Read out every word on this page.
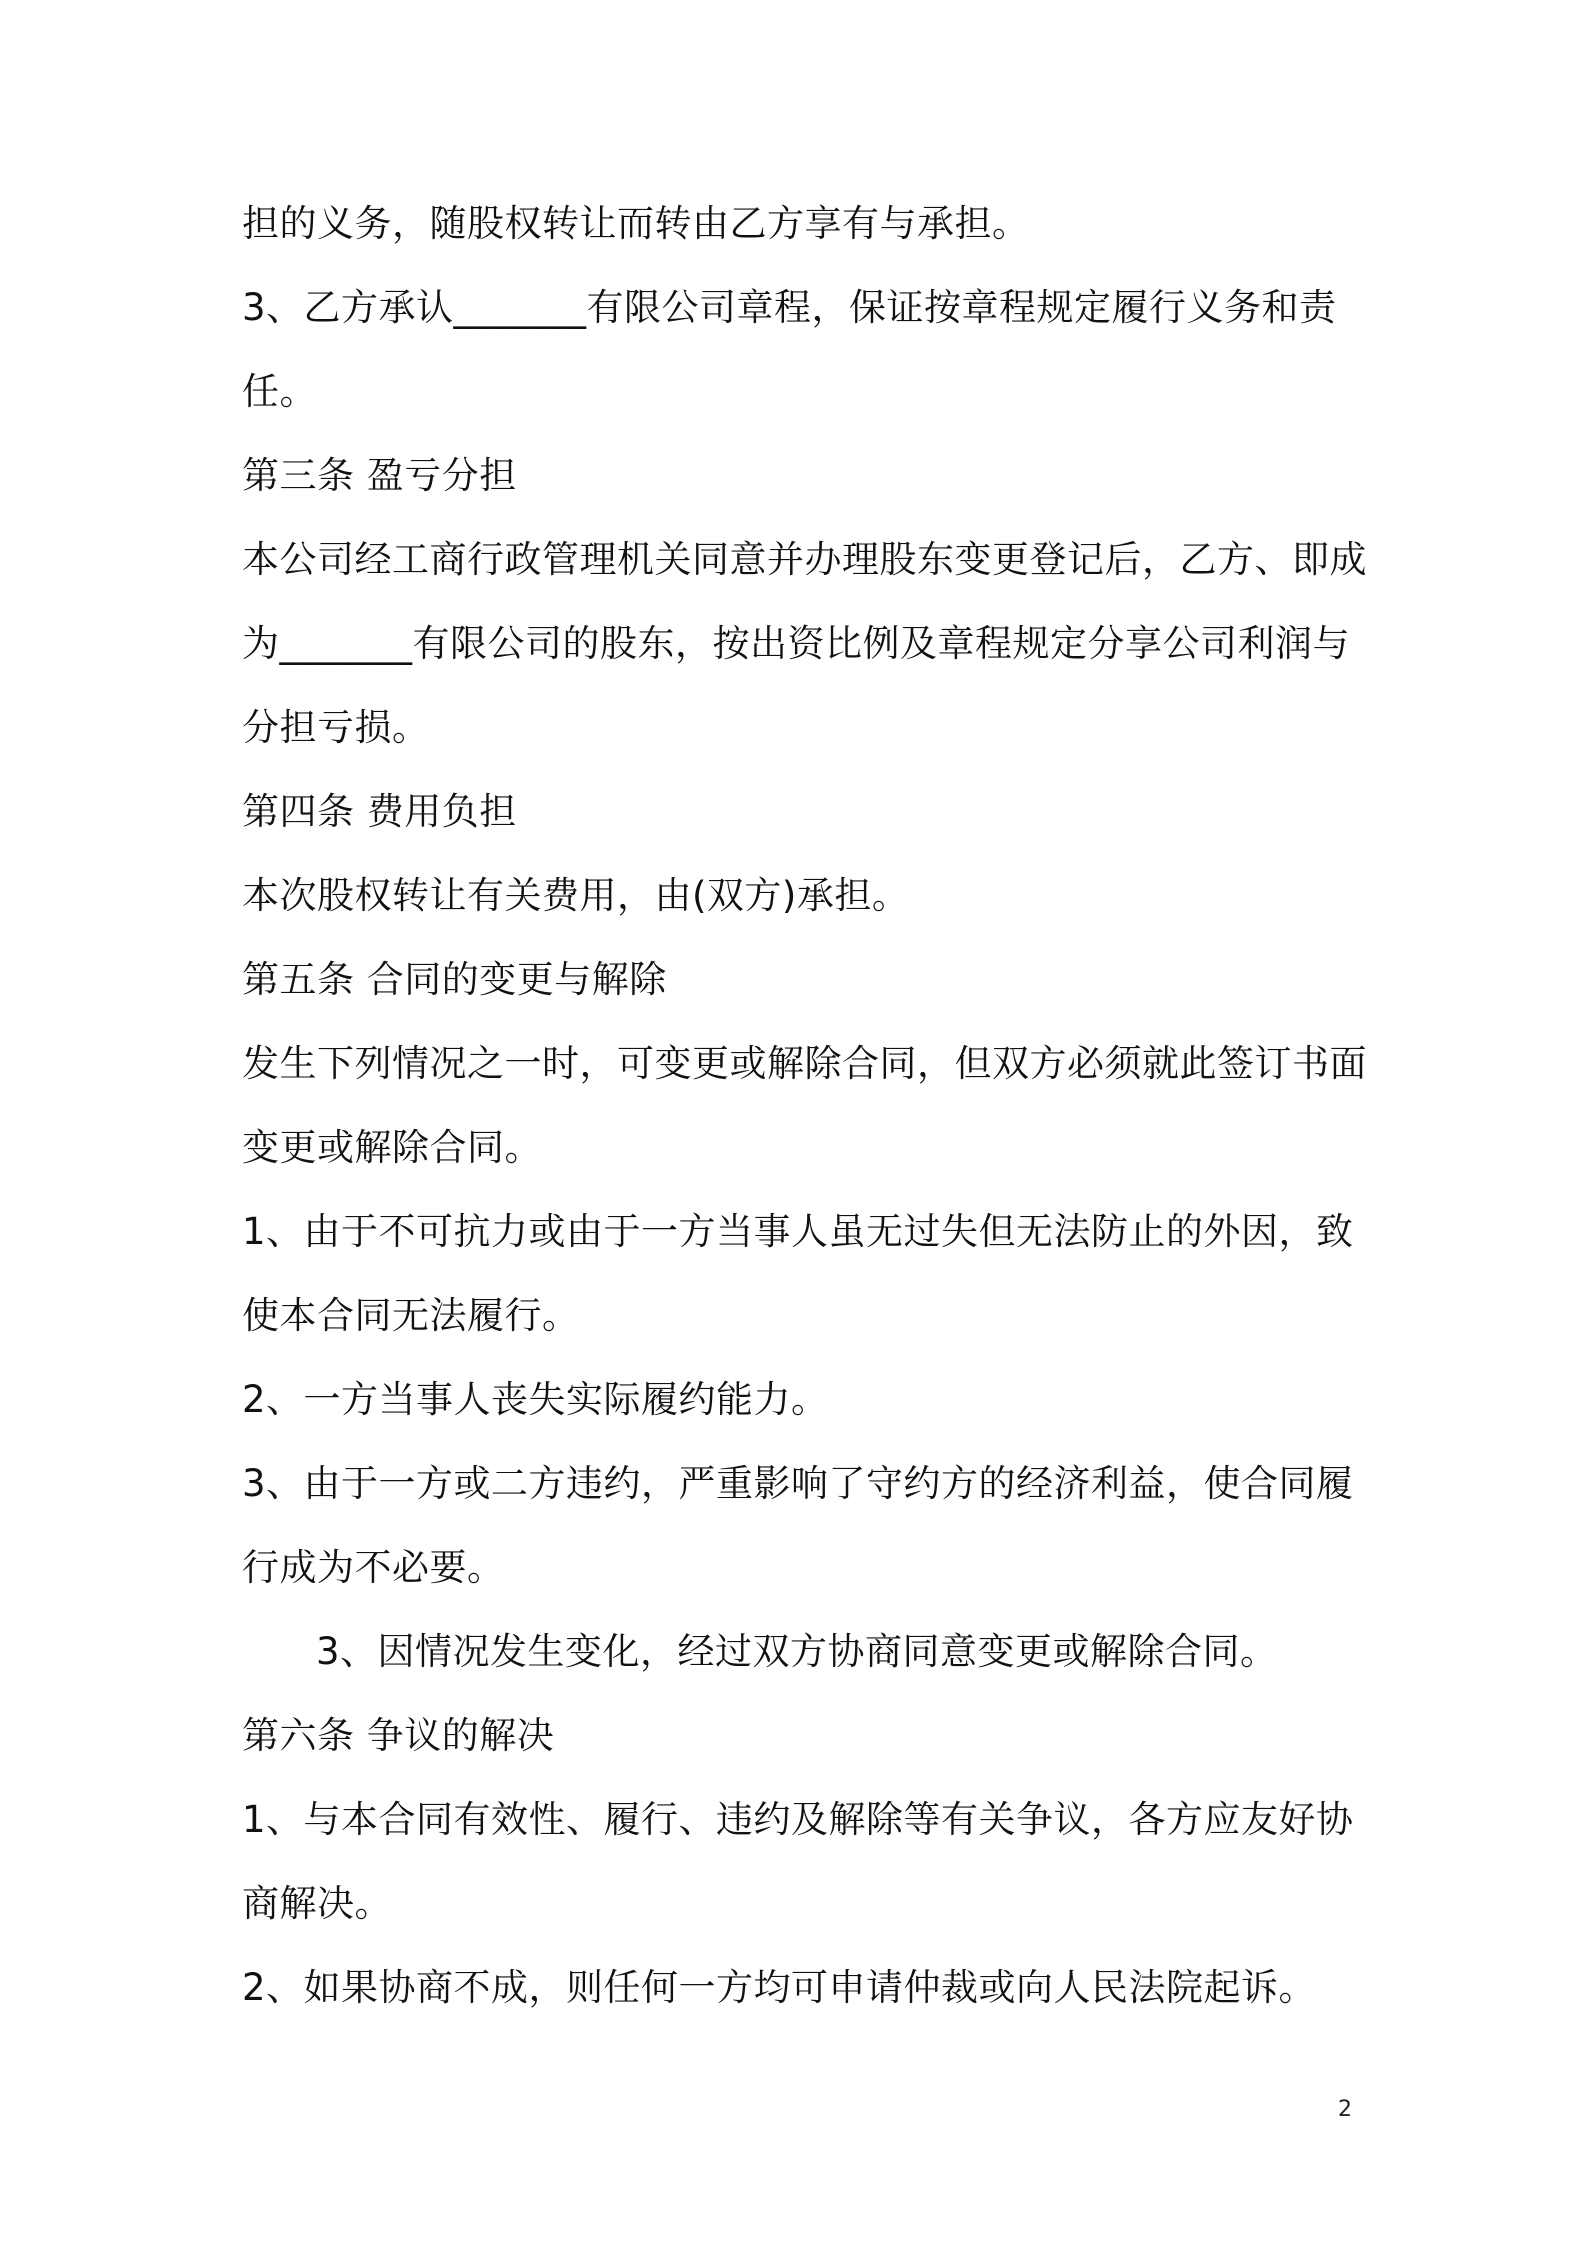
担的义务，随股权转让而转由乙方享有与承担。
3、乙方承认_______有限公司章程，保证按章程规定履行义务和责
任。
第三条 盈亏分担
本公司经工商行政管理机关同意并办理股东变更登记后，乙方、即成
为_______有限公司的股东，按出资比例及章程规定分享公司利润与
分担亏损。
第四条 费用负担
本次股权转让有关费用，由(双方)承担。
第五条 合同的变更与解除
发生下列情况之一时，可变更或解除合同，但双方必须就此签订书面
变更或解除合同。
1、由于不可抗力或由于一方当事人虽无过失但无法防止的外因，致
使本合同无法履行。
2、一方当事人丧失实际履约能力。
3、由于一方或二方违约，严重影响了守约方的经济利益，使合同履
行成为不必要。
3、因情况发生变化，经过双方协商同意变更或解除合同。
第六条 争议的解决
1、与本合同有效性、履行、违约及解除等有关争议，各方应友好协
商解决。
2、如果协商不成，则任何一方均可申请仲裁或向人民法院起诉。
2
